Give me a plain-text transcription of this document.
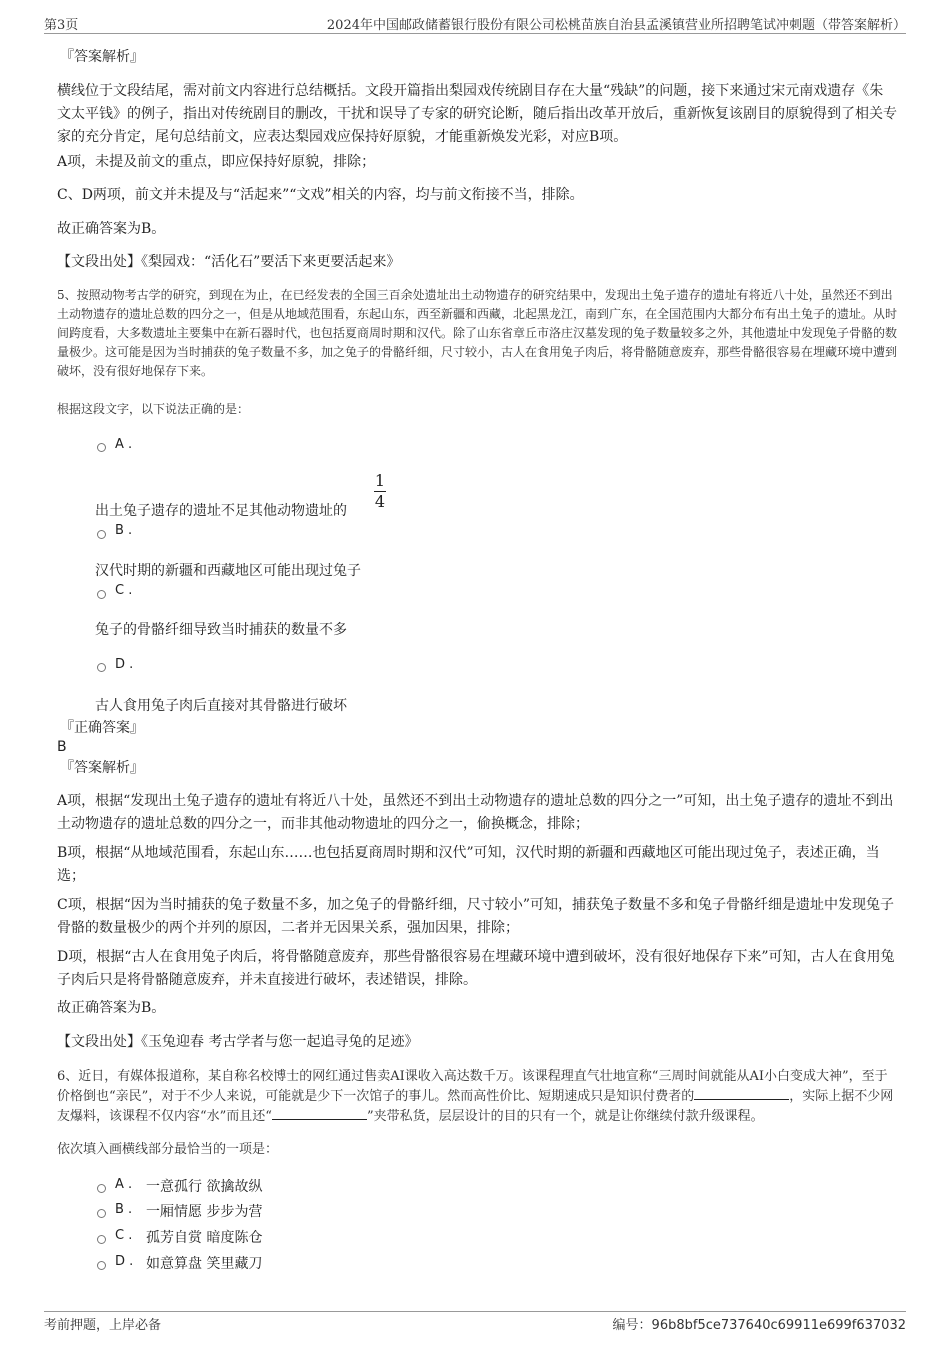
第3页	2024年中国邮政储蓄银行股份有限公司松桃苗族自治县孟溪镇营业所招聘笔试冲刺题（带答案解析）
『答案解析』
横线位于文段结尾，需对前文内容进行总结概括。文段开篇指出梨园戏传统剧目存在大量“残缺”的问题，接下来通过宋元南戏遗存《朱文太平钱》的例子，指出对传统剧目的删改，干扰和误导了专家的研究论断，随后指出改革开放后，重新恢复该剧目的原貌得到了相关专家的充分肯定，尾句总结前文，应表达梨园戏应保持好原貌，才能重新焕发光彩，对应B项。
A项，未提及前文的重点，即应保持好原貌，排除；
C、D两项，前文并未提及与“活起来”“文戏”相关的内容，均与前文衔接不当，排除。
故正确答案为B。
【文段出处】《梨园戏：“活化石”要活下来更要活起来》
5、按照动物考古学的研究，到现在为止，在已经发表的全国三百余处遗址出土动物遗存的研究结果中，发现出土兔子遗存的遗址有将近八十处，虽然还不到出土动物遗存的遗址总数的四分之一，但是从地域范围看，东起山东，西至新疆和西藏，北起黑龙江，南到广东，在全国范围内大都分布有出土兔子的遗址。从时间跨度看，大多数遗址主要集中在新石器时代，也包括夏商周时期和汉代。除了山东省章丘市洛庄汉墓发现的兔子数量较多之外，其他遗址中发现兔子骨骼的数量极少。这可能是因为当时捕获的兔子数量不多，加之兔子的骨骼纤细，尺寸较小，古人在食用兔子肉后，将骨骼随意废弃，那些骨骼很容易在埋藏环境中遭到破坏，没有很好地保存下来。
根据这段文字，以下说法正确的是：
A .
出土兔子遗存的遗址不足其他动物遗址的
1
4
B .
汉代时期的新疆和西藏地区可能出现过兔子
C .
兔子的骨骼纤细导致当时捕获的数量不多
D .
古人食用兔子肉后直接对其骨骼进行破坏
『正确答案』
B
『答案解析』
A项，根据“发现出土兔子遗存的遗址有将近八十处，虽然还不到出土动物遗存的遗址总数的四分之一”可知，出土兔子遗存的遗址不到出土动物遗存的遗址总数的四分之一，而非其他动物遗址的四分之一，偷换概念，排除；
B项，根据“从地域范围看，东起山东……也包括夏商周时期和汉代”可知，汉代时期的新疆和西藏地区可能出现过兔子，表述正确，当选；
C项，根据“因为当时捕获的兔子数量不多，加之兔子的骨骼纤细，尺寸较小”可知，捕获兔子数量不多和兔子骨骼纤细是遗址中发现兔子骨骼的数量极少的两个并列的原因，二者并无因果关系，强加因果，排除；
D项，根据“古人在食用兔子肉后，将骨骼随意废弃，那些骨骼很容易在埋藏环境中遭到破坏，没有很好地保存下来”可知，古人在食用兔子肉后只是将骨骼随意废弃，并未直接进行破坏，表述错误，排除。
故正确答案为B。
【文段出处】《玉兔迎春 考古学者与您一起追寻兔的足迹》
6、近日，有媒体报道称，某自称名校博士的网红通过售卖AI课收入高达数千万。该课程理直气壮地宣称“三周时间就能从AI小白变成大神”，至于价格倒也“亲民”，对于不少人来说，可能就是少下一次馆子的事儿。然而高性价比、短期速成只是知识付费者的	，实际上据不少网友爆料，该课程不仅内容“水”而且还“	”夹带私货，层层设计的目的只有一个，就是让你继续付款升级课程。
依次填入画横线部分最恰当的一项是：
A . 一意孤行 欲擒故纵
B . 一厢情愿 步步为营
C . 孤芳自赏 暗度陈仓
D . 如意算盘 笑里藏刀
考前押题，上岸必备	编号：96b8bf5ce737640c69911e699f637032
